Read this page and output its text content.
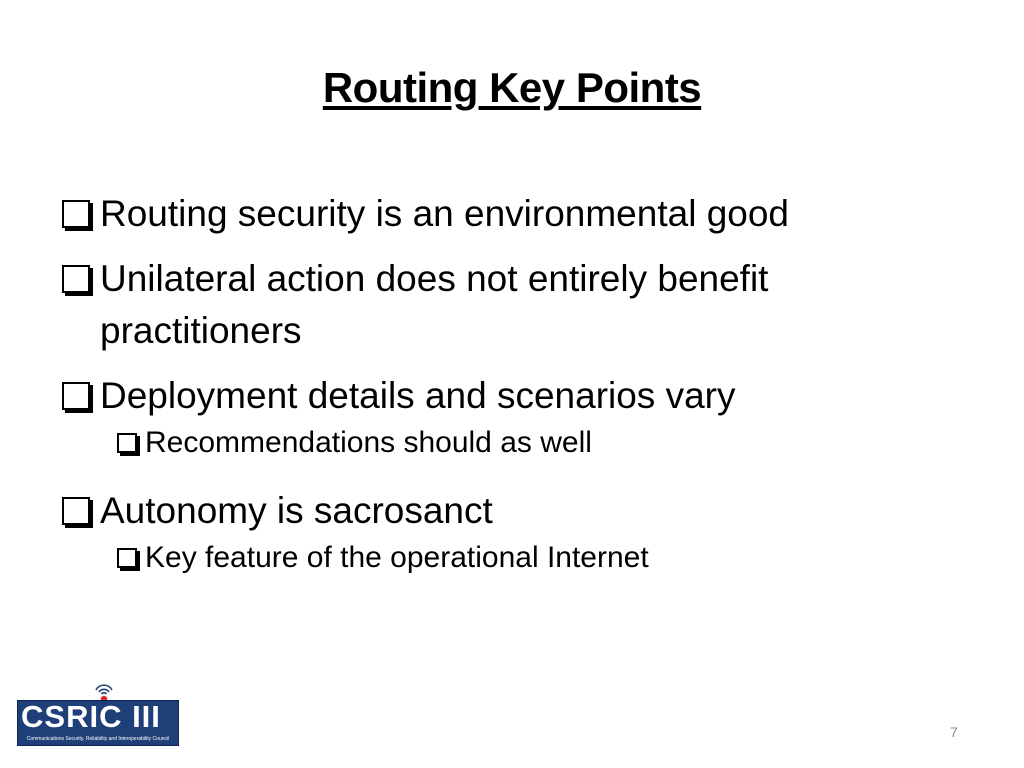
Routing Key Points
Routing security is an environmental good
Unilateral action does not entirely benefit practitioners
Deployment details and scenarios vary
Recommendations should as well
Autonomy is sacrosanct
Key feature of the operational Internet
CSRIC III
Communications Security, Reliability and Interoperability Council	7
